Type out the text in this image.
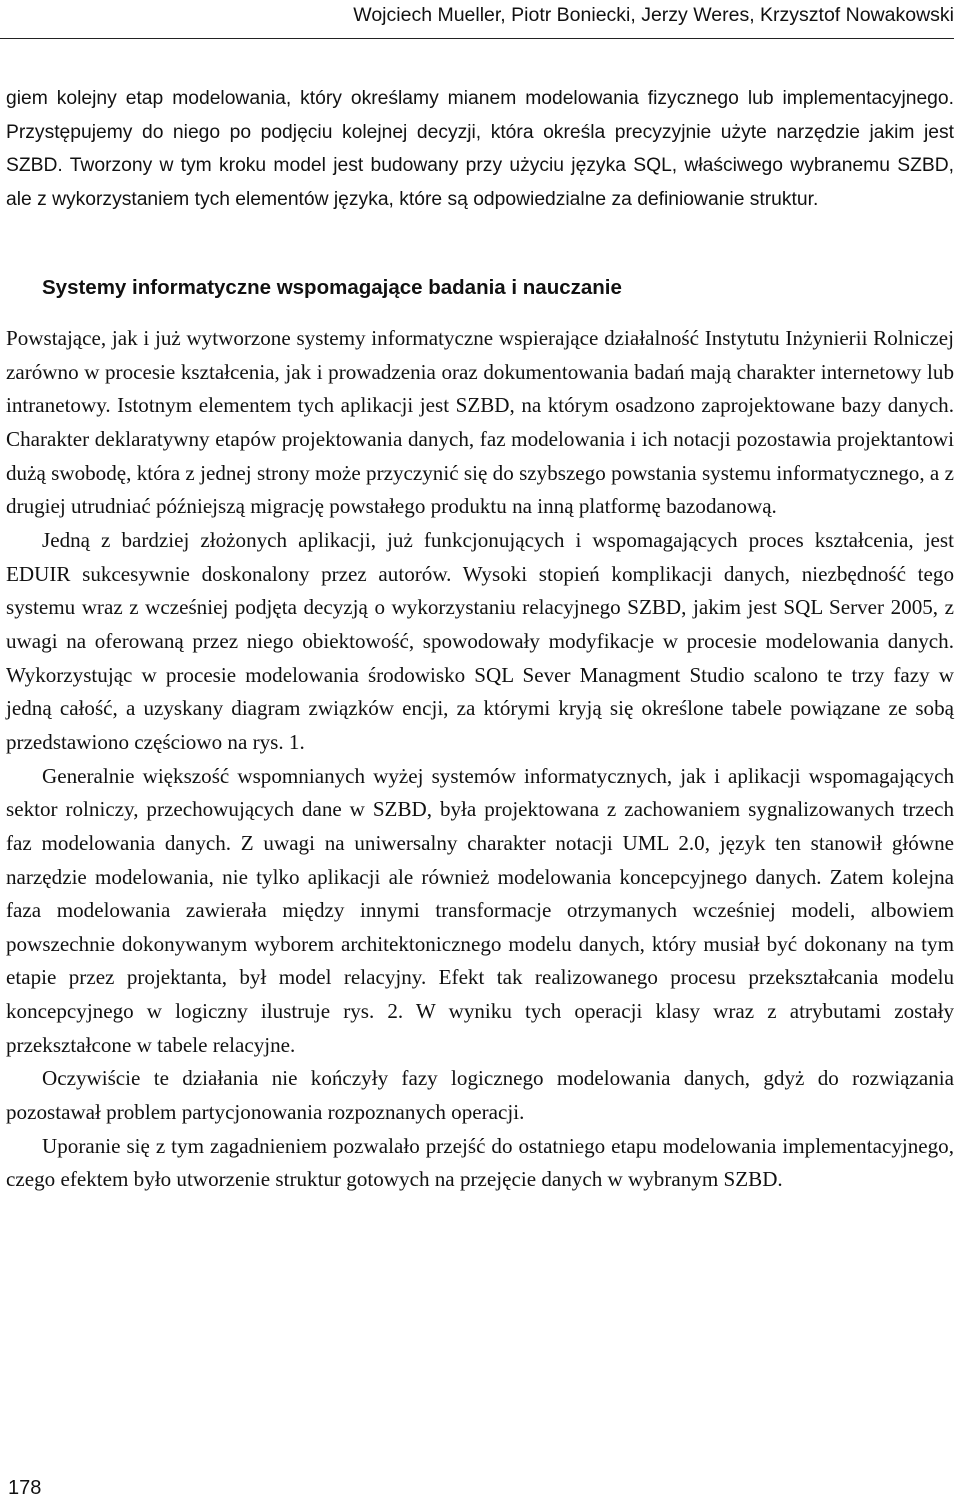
Wojciech Mueller, Piotr Boniecki, Jerzy Weres, Krzysztof Nowakowski

giem kolejny etap modelowania, który określamy mianem modelowania fizycznego lub implementacyjnego. Przystępujemy do niego po podjęciu kolejnej decyzji, która określa precyzyjnie użyte narzędzie jakim jest SZBD. Tworzony w tym kroku model jest budowany przy użyciu języka SQL, właściwego wybranemu SZBD, ale z wykorzystaniem tych elementów języka, które są odpowiedzialne za definiowanie struktur.

Systemy informatyczne wspomagające badania i nauczanie

Powstające, jak i już wytworzone systemy informatyczne wspierające działalność Instytutu Inżynierii Rolniczej zarówno w procesie kształcenia, jak i prowadzenia oraz dokumentowania badań mają charakter internetowy lub intranetowy. Istotnym elementem tych aplikacji jest SZBD, na którym osadzono zaprojektowane bazy danych. Charakter deklaratywny etapów projektowania danych, faz modelowania i ich notacji pozostawia projektantowi dużą swobodę, która z jednej strony może przyczynić się do szybszego powstania systemu informatycznego, a z drugiej utrudniać późniejszą migrację powstałego produktu na inną platformę bazodanową.

Jedną z bardziej złożonych aplikacji, już funkcjonujących i wspomagających proces kształcenia, jest EDUIR sukcesywnie doskonalony przez autorów. Wysoki stopień komplikacji danych, niezbędność tego systemu wraz z wcześniej podjęta decyzją o wykorzystaniu relacyjnego SZBD, jakim jest SQL Server 2005, z uwagi na oferowaną przez niego obiektowość, spowodowały modyfikacje w procesie modelowania danych. Wykorzystując w procesie modelowania środowisko SQL Sever Managment Studio scalono te trzy fazy w jedną całość, a uzyskany diagram związków encji, za którymi kryją się określone tabele powiązane ze sobą przedstawiono częściowo na rys. 1.

Generalnie większość wspomnianych wyżej systemów informatycznych, jak i aplikacji wspomagających sektor rolniczy, przechowujących dane w SZBD, była projektowana z zachowaniem sygnalizowanych trzech faz modelowania danych. Z uwagi na uniwersalny charakter notacji UML 2.0, język ten stanowił główne narzędzie modelowania, nie tylko aplikacji ale również modelowania koncepcyjnego danych. Zatem kolejna faza modelowania zawierała między innymi transformacje otrzymanych wcześniej modeli, albowiem powszechnie dokonywanym wyborem architektonicznego modelu danych, który musiał być dokonany na tym etapie przez projektanta, był model relacyjny. Efekt tak realizowanego procesu przekształcania modelu koncepcyjnego w logiczny ilustruje rys. 2. W wyniku tych operacji klasy wraz z atrybutami zostały przekształcone w tabele relacyjne.

Oczywiście te działania nie kończyły fazy logicznego modelowania danych, gdyż do rozwiązania pozostawał problem partycjonowania rozpoznanych operacji.

Uporanie się z tym zagadnieniem pozwalało przejść do ostatniego etapu modelowania implementacyjnego, czego efektem było utworzenie struktur gotowych na przejęcie danych w wybranym SZBD.

178
